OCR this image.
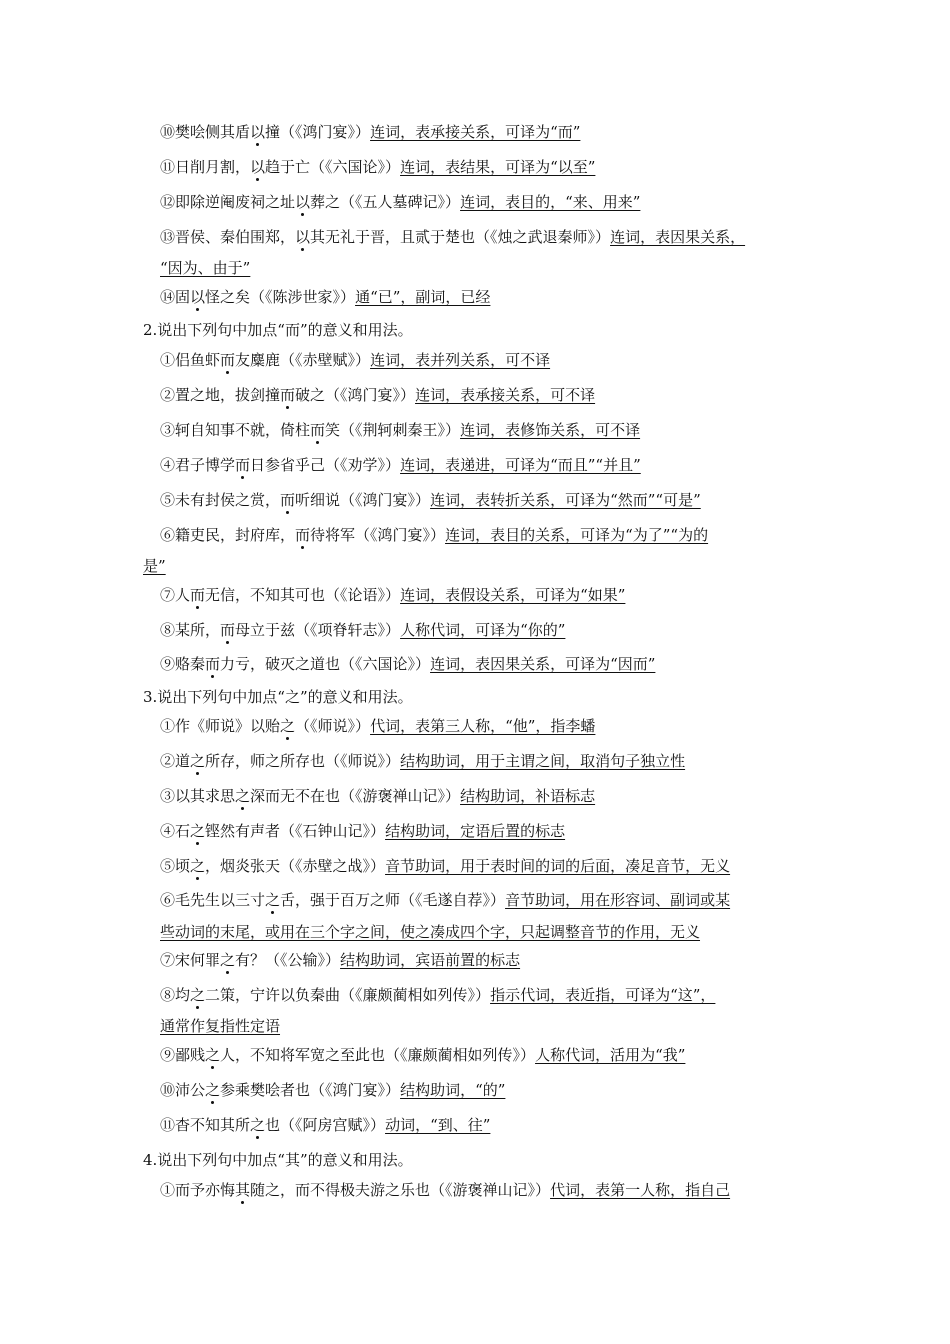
⑩樊哙侧其盾以撞（《鸿门宴》）连词，表承接关系，可译为“而”
⑪日削月割，以趋于亡（《六国论》）连词，表结果，可译为“以至”
⑫即除逆阉废祠之址以葬之（《五人墓碑记》）连词，表目的，“来、用来”
⑬晋侯、秦伯围郑，以其无礼于晋，且贰于楚也（《烛之武退秦师》）连词，表因果关系，
“因为、由于”
⑭固以怪之矣（《陈涉世家》）通“已”，副词，已经
2.说出下列句中加点“而”的意义和用法。
①侣鱼虾而友麋鹿（《赤壁赋》）连词，表并列关系，可不译
②置之地，拔剑撞而破之（《鸿门宴》）连词，表承接关系，可不译
③轲自知事不就，倚柱而笑（《荆轲刺秦王》）连词，表修饰关系，可不译
④君子博学而日参省乎己（《劝学》）连词，表递进，可译为“而且”“并且”
⑤未有封侯之赏，而听细说（《鸿门宴》）连词，表转折关系，可译为“然而”“可是”
⑥籍吏民，封府库，而待将军（《鸿门宴》）连词，表目的关系，可译为“为了”“为的
是”
⑦人而无信，不知其可也（《论语》）连词，表假设关系，可译为“如果”
⑧某所，而母立于兹（《项脊轩志》）人称代词，可译为“你的”
⑨赂秦而力亏，破灭之道也（《六国论》）连词，表因果关系，可译为“因而”
3.说出下列句中加点“之”的意义和用法。
①作《师说》以贻之（《师说》）代词，表第三人称，“他”，指李蟠
②道之所存，师之所存也（《师说》）结构助词，用于主谓之间，取消句子独立性
③以其求思之深而无不在也（《游褒禅山记》）结构助词，补语标志
④石之铿然有声者（《石钟山记》）结构助词，定语后置的标志
⑤顷之，烟炎张天（《赤壁之战》）音节助词，用于表时间的词的后面，凑足音节，无义
⑥毛先生以三寸之舌，强于百万之师（《毛遂自荐》）音节助词，用在形容词、副词或某
些动词的末尾，或用在三个字之间，使之凑成四个字，只起调整音节的作用，无义
⑦宋何罪之有？（《公输》）结构助词，宾语前置的标志
⑧均之二策，宁许以负秦曲（《廉颇蔺相如列传》）指示代词，表近指，可译为“这”，
通常作复指性定语
⑨鄙贱之人，不知将军宽之至此也（《廉颇蔺相如列传》）人称代词，活用为“我”
⑩沛公之参乘樊哙者也（《鸿门宴》）结构助词，“的”
⑪杳不知其所之也（《阿房宫赋》）动词，“到、往”
4.说出下列句中加点“其”的意义和用法。
①而予亦悔其随之，而不得极夫游之乐也（《游褒禅山记》）代词，表第一人称，指自己
